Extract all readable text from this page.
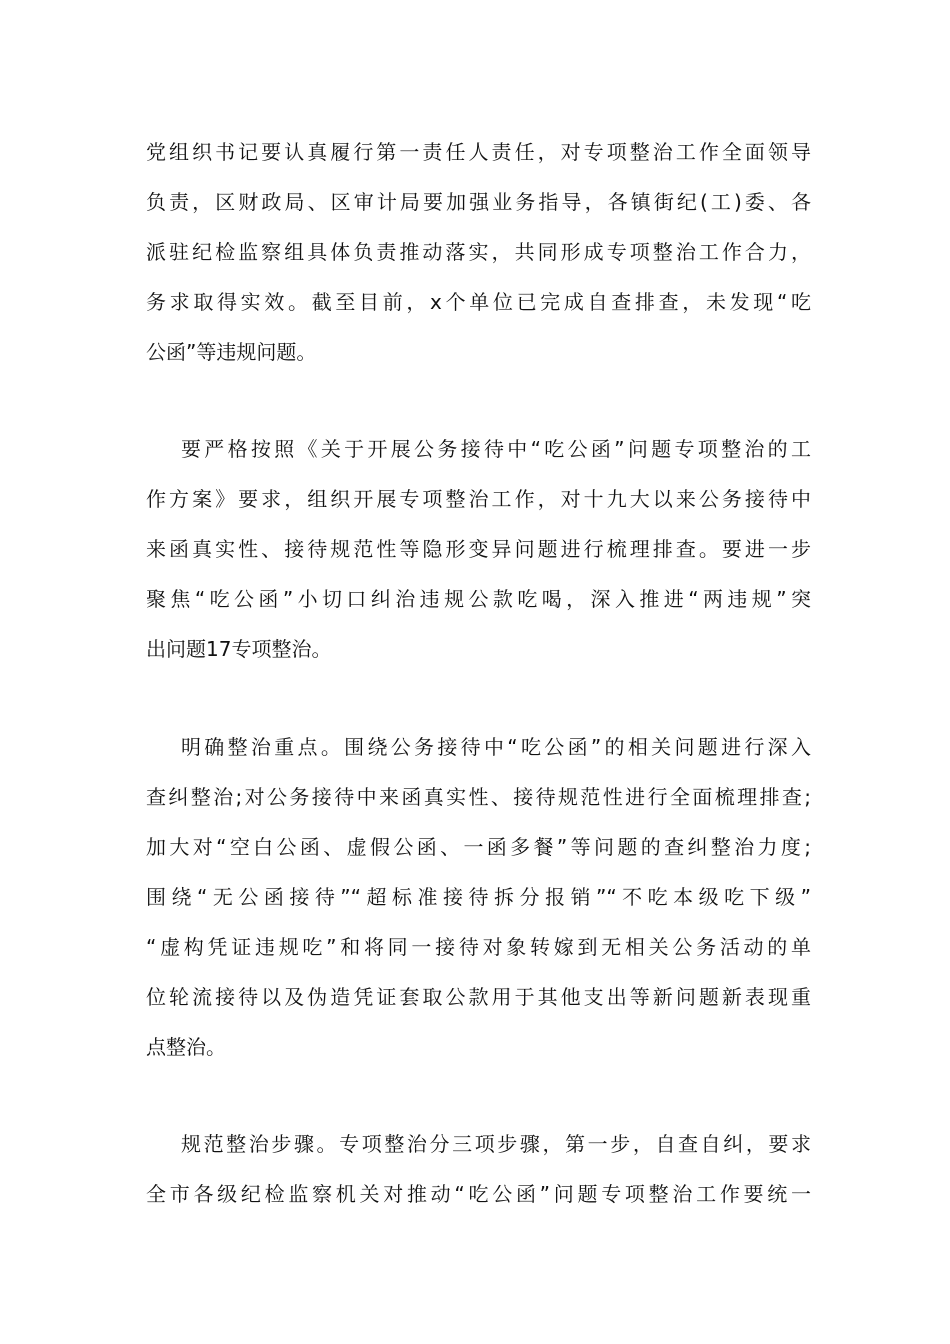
党组织书记要认真履行第一责任人责任，对专项整治工作全面领导
负责，区财政局、区审计局要加强业务指导，各镇街纪(工)委、各
派驻纪检监察组具体负责推动落实，共同形成专项整治工作合力，
务求取得实效。截至目前，x个单位已完成自查排查，未发现“吃
公函”等违规问题。
要严格按照《关于开展公务接待中“吃公函”问题专项整治的工
作方案》要求，组织开展专项整治工作，对十九大以来公务接待中
来函真实性、接待规范性等隐形变异问题进行梳理排查。要进一步
聚焦“吃公函”小切口纠治违规公款吃喝，深入推进“两违规”突
出问题17专项整治。
明确整治重点。围绕公务接待中“吃公函”的相关问题进行深入
查纠整治;对公务接待中来函真实性、接待规范性进行全面梳理排查;
加大对“空白公函、虚假公函、一函多餐”等问题的查纠整治力度;
围绕“无公函接待”“超标准接待拆分报销”“不吃本级吃下级”
“虚构凭证违规吃”和将同一接待对象转嫁到无相关公务活动的单
位轮流接待以及伪造凭证套取公款用于其他支出等新问题新表现重
点整治。
规范整治步骤。专项整治分三项步骤，第一步，自查自纠，要求
全市各级纪检监察机关对推动“吃公函”问题专项整治工作要统一
